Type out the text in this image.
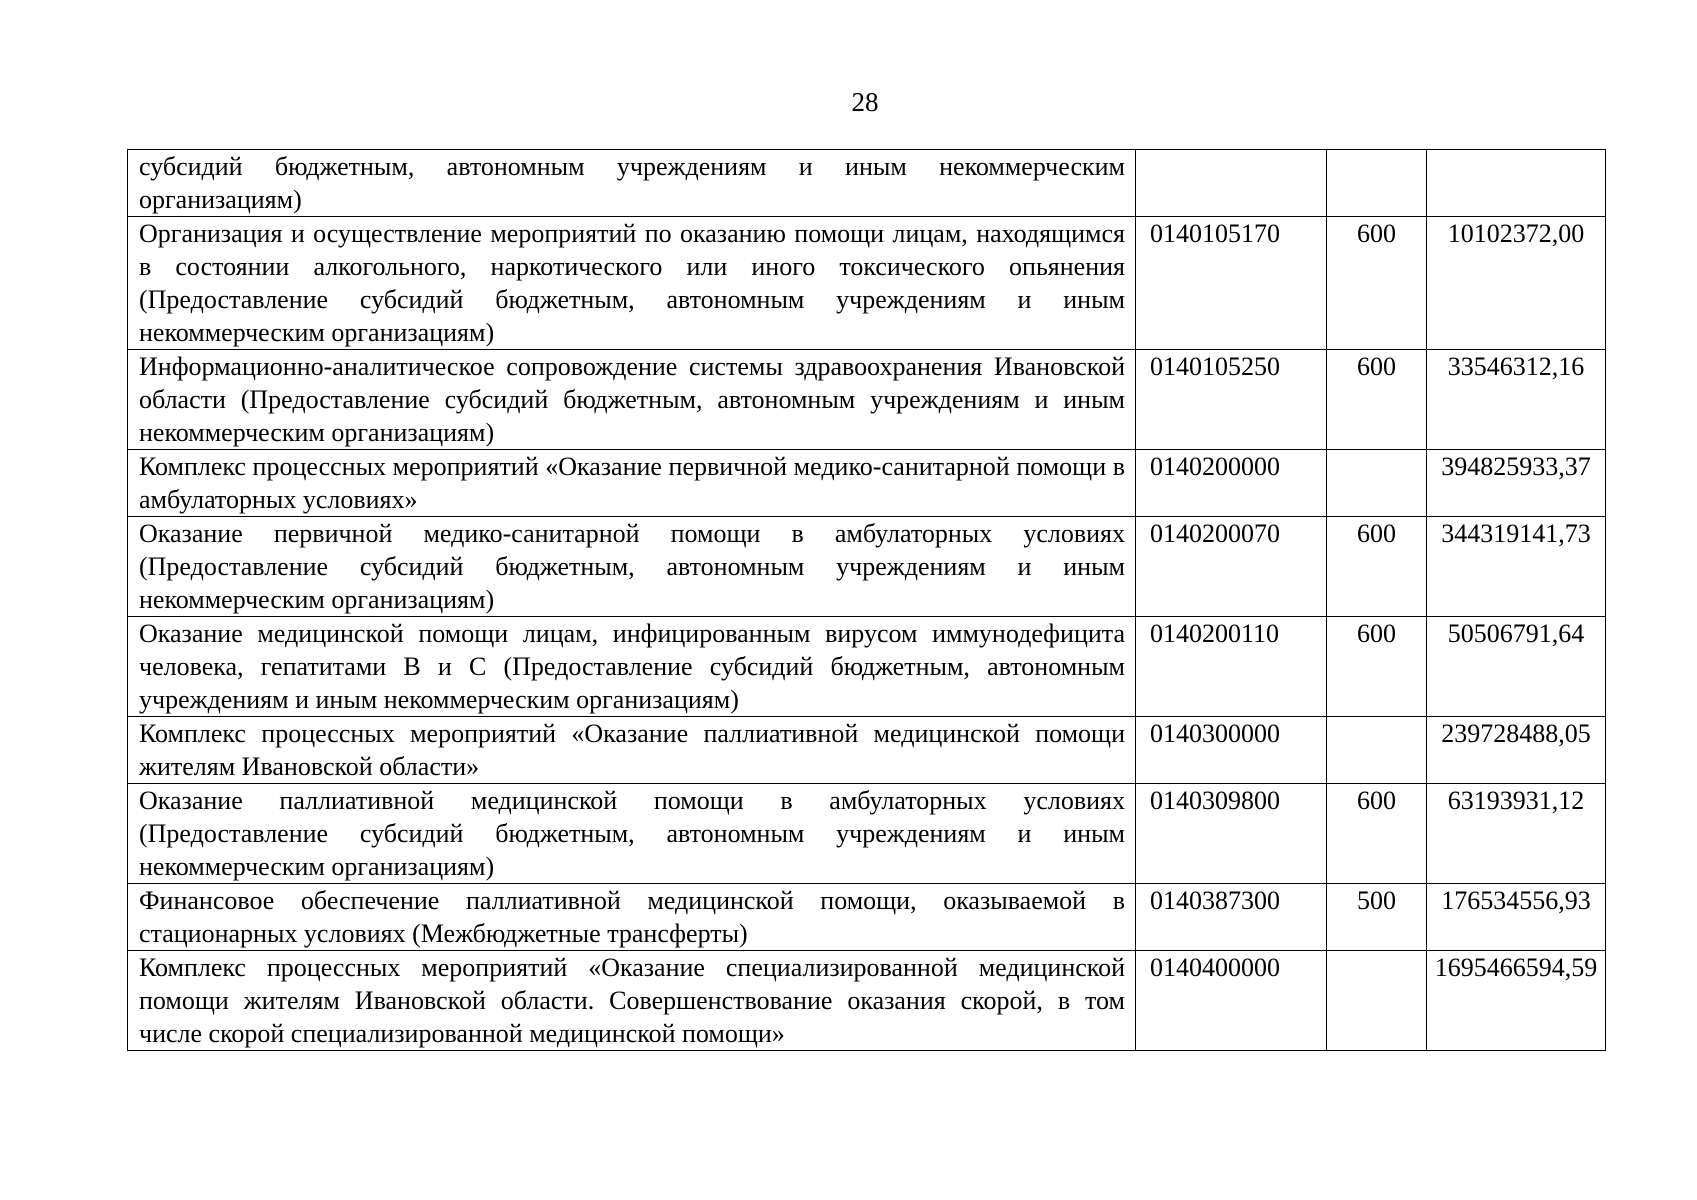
28
субсидий бюджетным, автономным учреждениям и иным некоммерческим организациям)			
Организация и осуществление мероприятий по оказанию помощи лицам, находящимся в состоянии алкогольного, наркотического или иного токсического опьянения (Предоставление субсидий бюджетным, автономным учреждениям и иным некоммерческим организациям)	0140105170	600	10102372,00
Информационно-аналитическое сопровождение системы здравоохранения Ивановской области (Предоставление субсидий бюджетным, автономным учреждениям и иным некоммерческим организациям)	0140105250	600	33546312,16
Комплекс процессных мероприятий «Оказание первичной медико-санитарной помощи в амбулаторных условиях»	0140200000		394825933,37
Оказание первичной медико-санитарной помощи в амбулаторных условиях (Предоставление субсидий бюджетным, автономным учреждениям и иным некоммерческим организациям)	0140200070	600	344319141,73
Оказание медицинской помощи лицам, инфицированным вирусом иммунодефицита человека, гепатитами В и С (Предоставление субсидий бюджетным, автономным учреждениям и иным некоммерческим организациям)	0140200110	600	50506791,64
Комплекс процессных мероприятий «Оказание паллиативной медицинской помощи жителям Ивановской области»	0140300000		239728488,05
Оказание паллиативной медицинской помощи в амбулаторных условиях (Предоставление субсидий бюджетным, автономным учреждениям и иным некоммерческим организациям)	0140309800	600	63193931,12
Финансовое обеспечение паллиативной медицинской помощи, оказываемой в стационарных условиях (Межбюджетные трансферты)	0140387300	500	176534556,93
Комплекс процессных мероприятий «Оказание специализированной медицинской помощи жителям Ивановской области. Совершенствование оказания скорой, в том числе скорой специализированной медицинской помощи»	0140400000		1695466594,59
